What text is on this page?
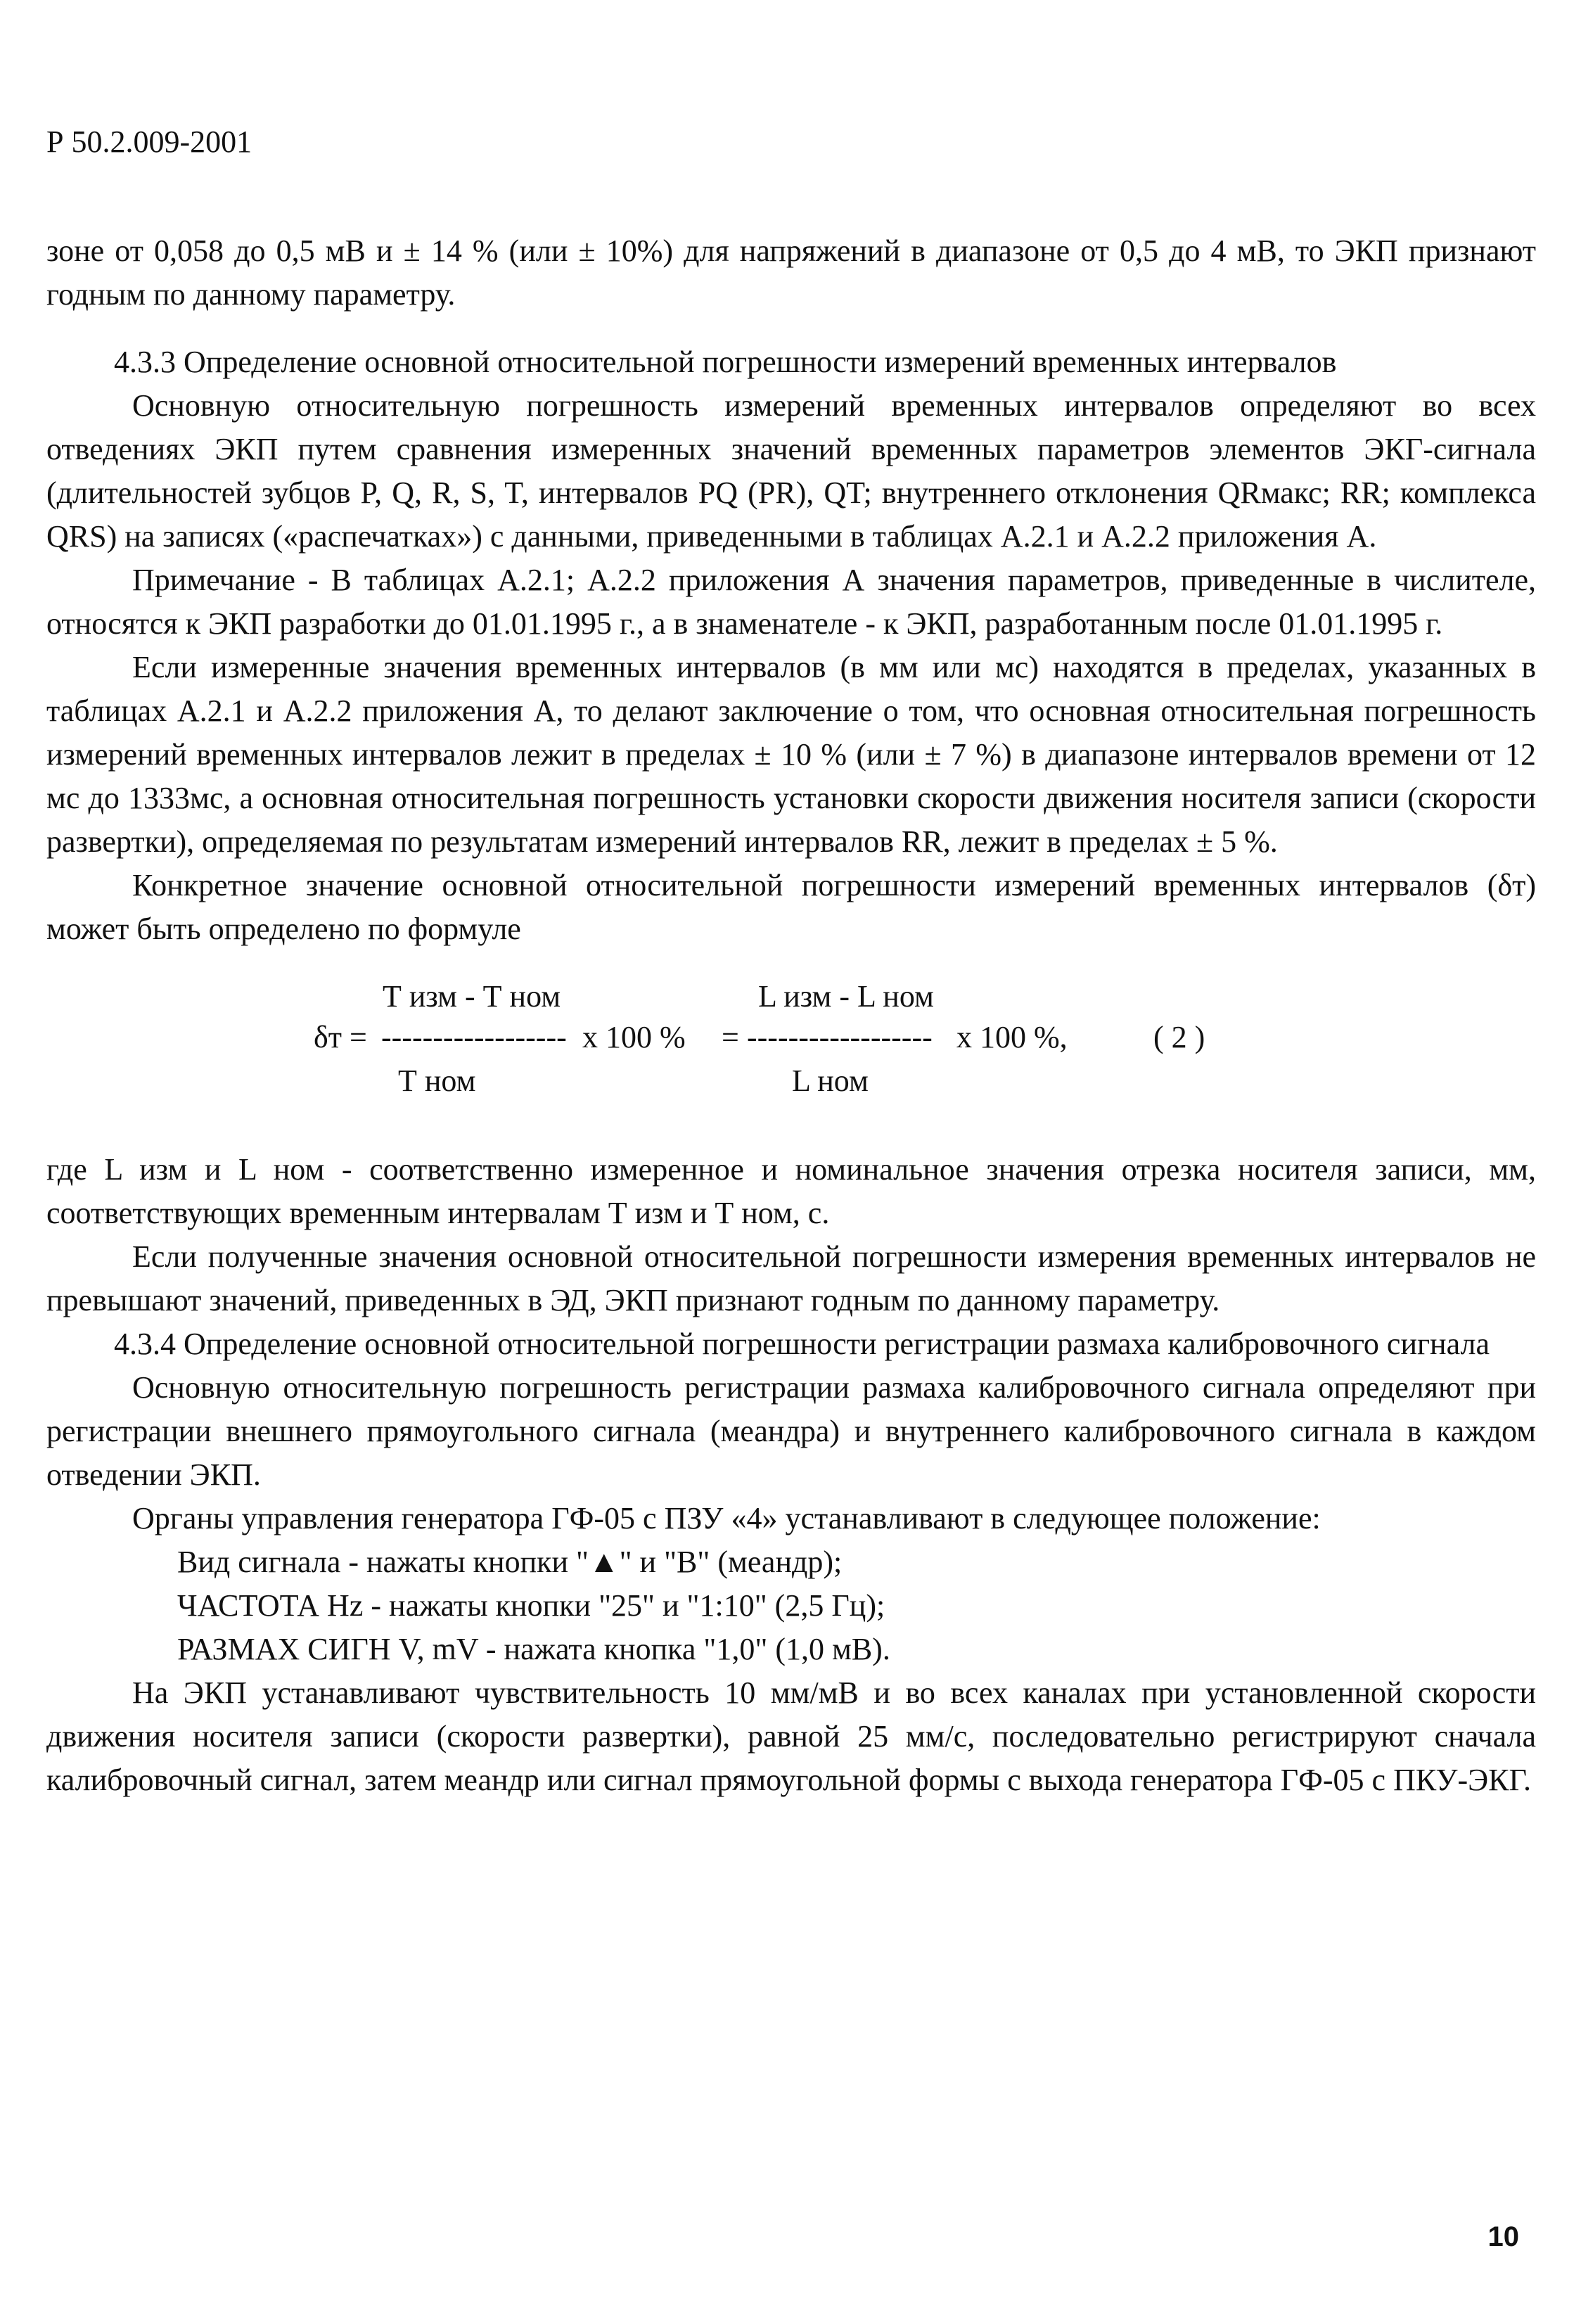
Р 50.2.009-2001

зоне от 0,058 до 0,5 мВ и ± 14 % (или ± 10%) для напряжений в диапазоне от 0,5 до 4 мВ, то ЭКП признают годным по данному параметру.

4.3.3 Определение основной относительной погрешности измерений временных интервалов

Основную относительную погрешность измерений временных интервалов определяют во всех отведениях ЭКП путем сравнения измеренных значений временных параметров элементов ЭКГ-сигнала (длительностей зубцов P, Q, R, S, T, интервалов PQ (PR), QT; внутреннего отклонения QRмакс; RR; комплекса QRS) на записях («распечатках») с данными, приведенными в таблицах А.2.1 и А.2.2 приложения А.

Примечание - В таблицах А.2.1; А.2.2 приложения А значения параметров, приведенные в числителе, относятся к ЭКП разработки до 01.01.1995 г., а в знаменателе - к ЭКП, разработанным после 01.01.1995 г.

Если измеренные значения временных интервалов (в мм или мс) находятся в пределах, указанных в таблицах А.2.1 и А.2.2 приложения А, то делают заключение о том, что основная относительная погрешность измерений временных интервалов лежит в пределах ± 10 % (или ± 7 %) в диапазоне интервалов времени от 12 мс до 1333мс, а основная относительная погрешность установки скорости движения носителя записи (скорости развертки), определяемая по результатам измерений интервалов RR, лежит в пределах ± 5 %.

Конкретное значение основной относительной погрешности измерений временных интервалов (δт) может быть определено по формуле

Т изм - Т ном	L изм - L ном
δт = ------------------ х 100 % = ------------------ х 100 %,	( 2 )
Т ном	L ном

где L изм и L ном - соответственно измеренное и номинальное значения отрезка носителя записи, мм, соответствующих временным интервалам Т изм и Т ном, с.

Если полученные значения основной относительной погрешности измерения временных интервалов не превышают значений, приведенных в ЭД, ЭКП признают годным по данному параметру.

4.3.4 Определение основной относительной погрешности регистрации размаха калибровочного сигнала

Основную относительную погрешность регистрации размаха калибровочного сигнала определяют при регистрации внешнего прямоугольного сигнала (меандра) и внутреннего калибровочного сигнала в каждом отведении ЭКП.

Органы управления генератора ГФ-05 с ПЗУ «4» устанавливают в следующее положение:

Вид сигнала - нажаты кнопки "▲" и "В" (меандр);
ЧАСТОТА Hz - нажаты кнопки "25" и "1:10" (2,5 Гц);
РАЗМАХ СИГН V, mV - нажата кнопка "1,0" (1,0 мВ).

На ЭКП устанавливают чувствительность 10 мм/мВ и во всех каналах при установленной скорости движения носителя записи (скорости развертки), равной 25 мм/с, последовательно регистрируют сначала калибровочный сигнал, затем меандр или сигнал прямоугольной формы с выхода генератора ГФ-05 с ПКУ-ЭКГ.

10
